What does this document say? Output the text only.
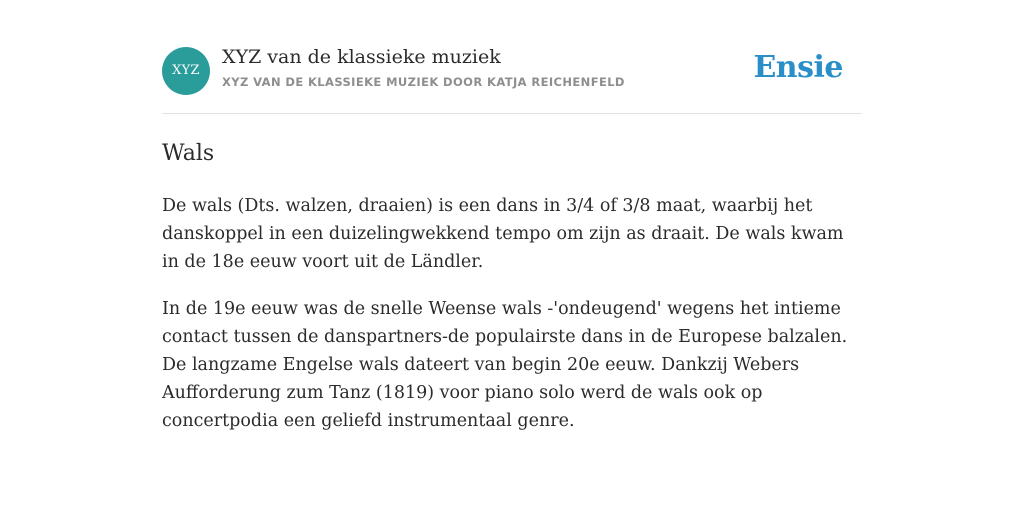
XYZ
XYZ van de klassieke muziek
XYZ VAN DE KLASSIEKE MUZIEK DOOR KATJA REICHENFELD	Ensie
Wals

De wals (Dts. walzen, draaien) is een dans in 3/4 of 3/8 maat, waarbij het danskoppel in een duizelingwekkend tempo om zijn as draait. De wals kwam in de 18e eeuw voort uit de Ländler.

In de 19e eeuw was de snelle Weense wals -'ondeugend' wegens het intieme contact tussen de danspartners-de populairste dans in de Europese balzalen. De langzame Engelse wals dateert van begin 20e eeuw. Dankzij Webers Aufforderung zum Tanz (1819) voor piano solo werd de wals ook op concertpodia een geliefd instrumentaal genre.
